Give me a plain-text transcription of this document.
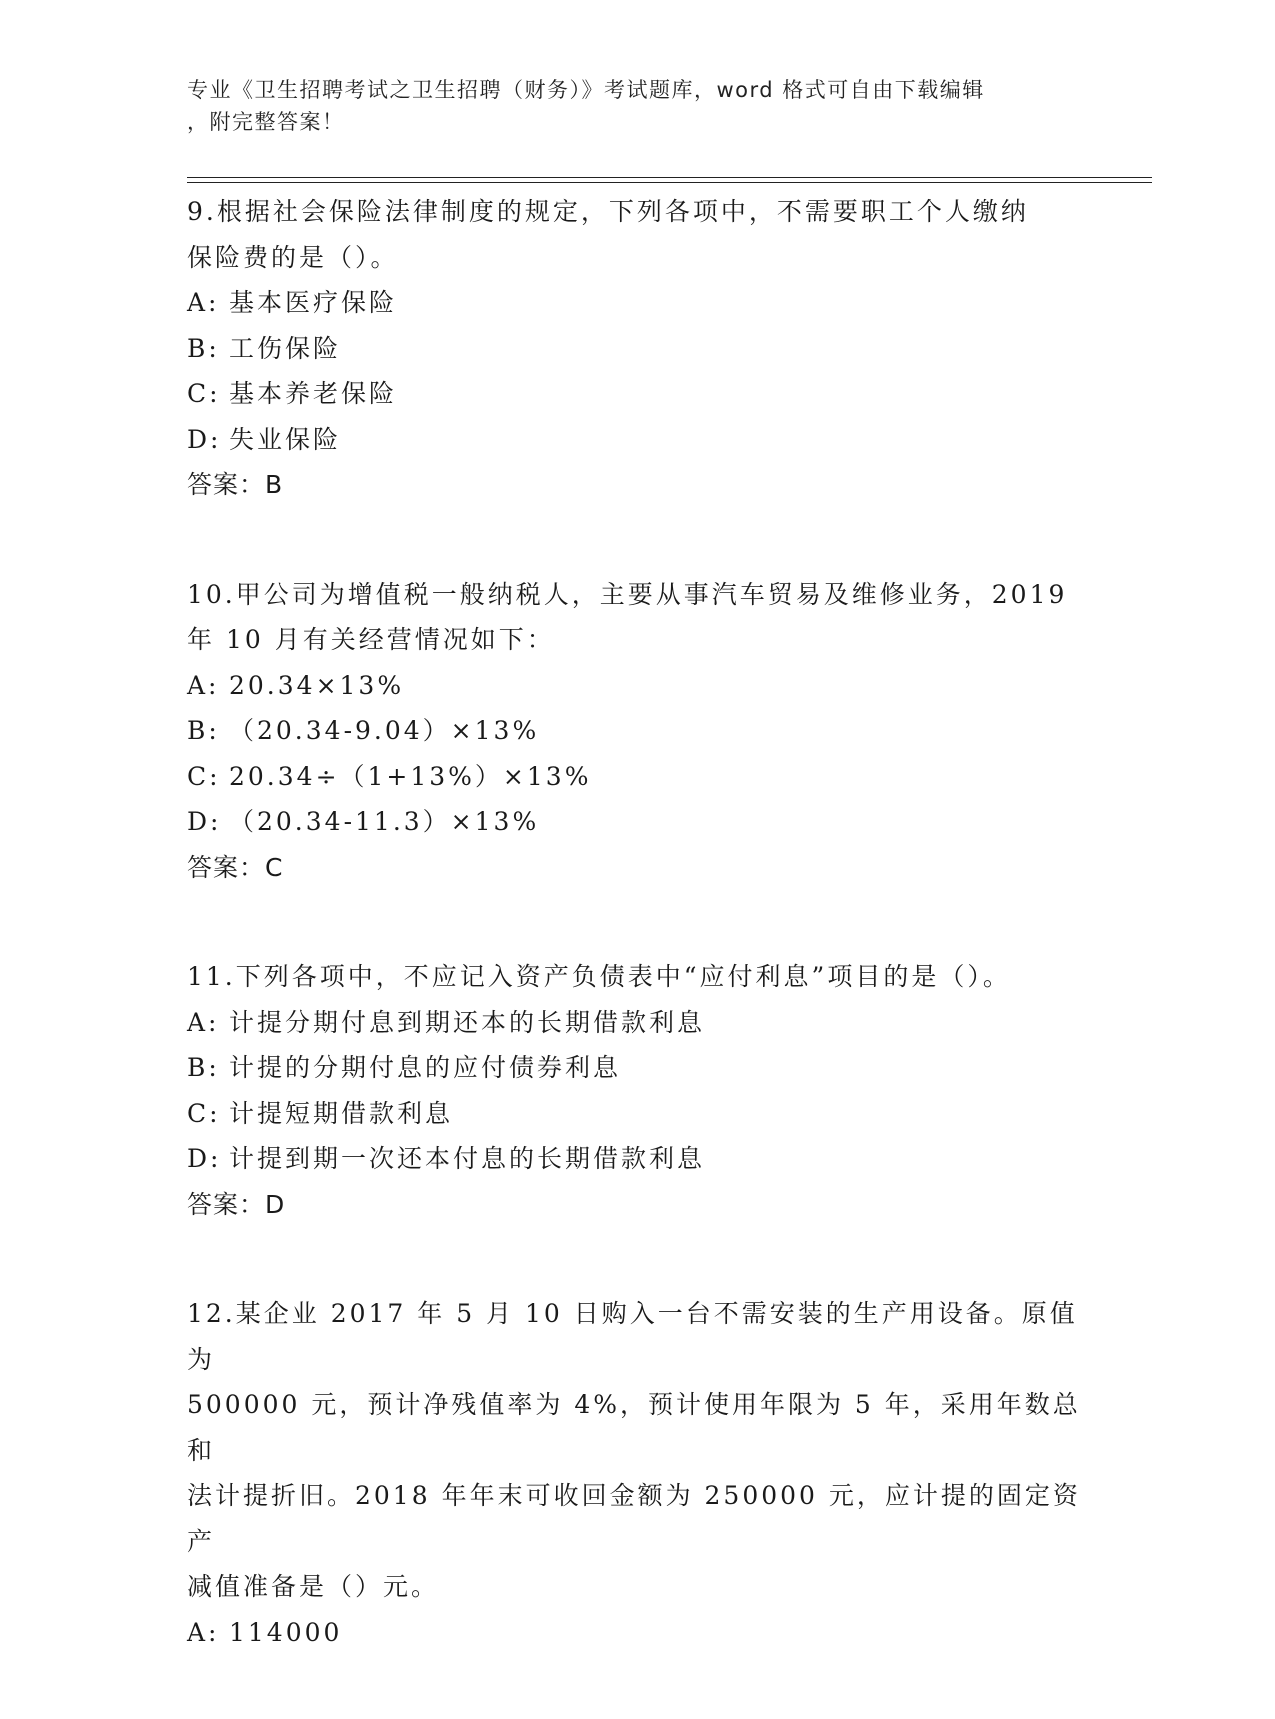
专业《卫生招聘考试之卫生招聘（财务）》考试题库，word 格式可自由下载编辑
，附完整答案！
9.根据社会保险法律制度的规定，下列各项中，不需要职工个人缴纳
保险费的是（）。
A: 基本医疗保险
B: 工伤保险
C: 基本养老保险
D: 失业保险
答案：B
10.甲公司为增值税一般纳税人，主要从事汽车贸易及维修业务，2019
年 10 月有关经营情况如下：
A: 20.34×13%
B: （20.34-9.04）×13%
C: 20.34÷（1+13%）×13%
D: （20.34-11.3）×13%
答案：C
11.下列各项中，不应记入资产负债表中“应付利息”项目的是（）。
A: 计提分期付息到期还本的长期借款利息
B: 计提的分期付息的应付债券利息
C: 计提短期借款利息
D: 计提到期一次还本付息的长期借款利息
答案：D
12.某企业 2017 年 5 月 10 日购入一台不需安装的生产用设备。原值为
500000 元，预计净残值率为 4%，预计使用年限为 5 年，采用年数总和
法计提折旧。2018 年年末可收回金额为 250000 元，应计提的固定资产
减值准备是（）元。
A: 114000
